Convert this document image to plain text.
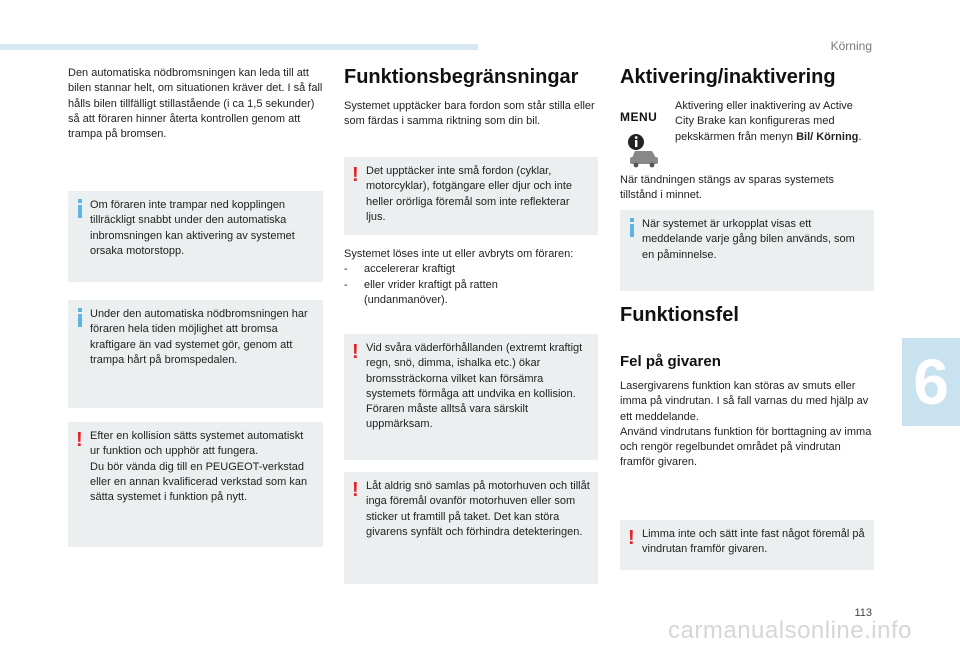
Körning

Den automatiska nödbromsningen kan leda till att bilen stannar helt, om situationen kräver det. I så fall hålls bilen tillfälligt stillastående (i ca 1,5 sekunder) så att föraren hinner återta kontrollen genom att trampa på bromsen.

Om föraren inte trampar ned kopplingen tillräckligt snabbt under den automatiska inbromsningen kan aktivering av systemet orsaka motorstopp.
Under den automatiska nödbromsningen har föraren hela tiden möjlighet att bromsa kraftigare än vad systemet gör, genom att trampa hårt på bromspedalen.
! Efter en kollision sätts systemet automatiskt ur funktion och upphör att fungera.
Du bör vända dig till en PEUGEOT-verkstad eller en annan kvalificerad verkstad som kan sätta systemet i funktion på nytt.
Funktionsbegränsningar

Systemet upptäcker bara fordon som står stilla eller som färdas i samma riktning som din bil.

! Det upptäcker inte små fordon (cyklar, motorcyklar), fotgängare eller djur och inte heller orörliga föremål som inte reflekterar ljus.
Systemet löses inte ut eller avbryts om föraren:
-	accelererar kraftigt
-	eller vrider kraftigt på ratten (undanmanöver).
! Vid svåra väderförhållanden (extremt kraftigt regn, snö, dimma, ishalka etc.) ökar bromssträckorna vilket kan försämra systemets förmåga att undvika en kollision.
Föraren måste alltså vara särskilt uppmärksam.
! Låt aldrig snö samlas på motorhuven och tillåt inga föremål ovanför motorhuven eller som sticker ut framtill på taket. Det kan störa givarens synfält och förhindra detekteringen.
Aktivering/inaktivering
MENU

Aktivering eller inaktivering av Active City Brake kan konfigureras med pekskärmen från menyn Bil/ Körning.

När tändningen stängs av sparas systemets tillstånd i minnet.

När systemet är urkopplat visas ett meddelande varje gång bilen används, som en påminnelse.
Funktionsfel
Fel på givaren
Lasergivarens funktion kan störas av smuts eller imma på vindrutan. I så fall varnas du med hjälp av ett meddelande.
Använd vindrutans funktion för borttagning av imma och rengör regelbundet området på vindrutan framför givaren.
! Limma inte och sätt inte fast något föremål på vindrutan framför givaren.
6
113
carmanualsonline.info
